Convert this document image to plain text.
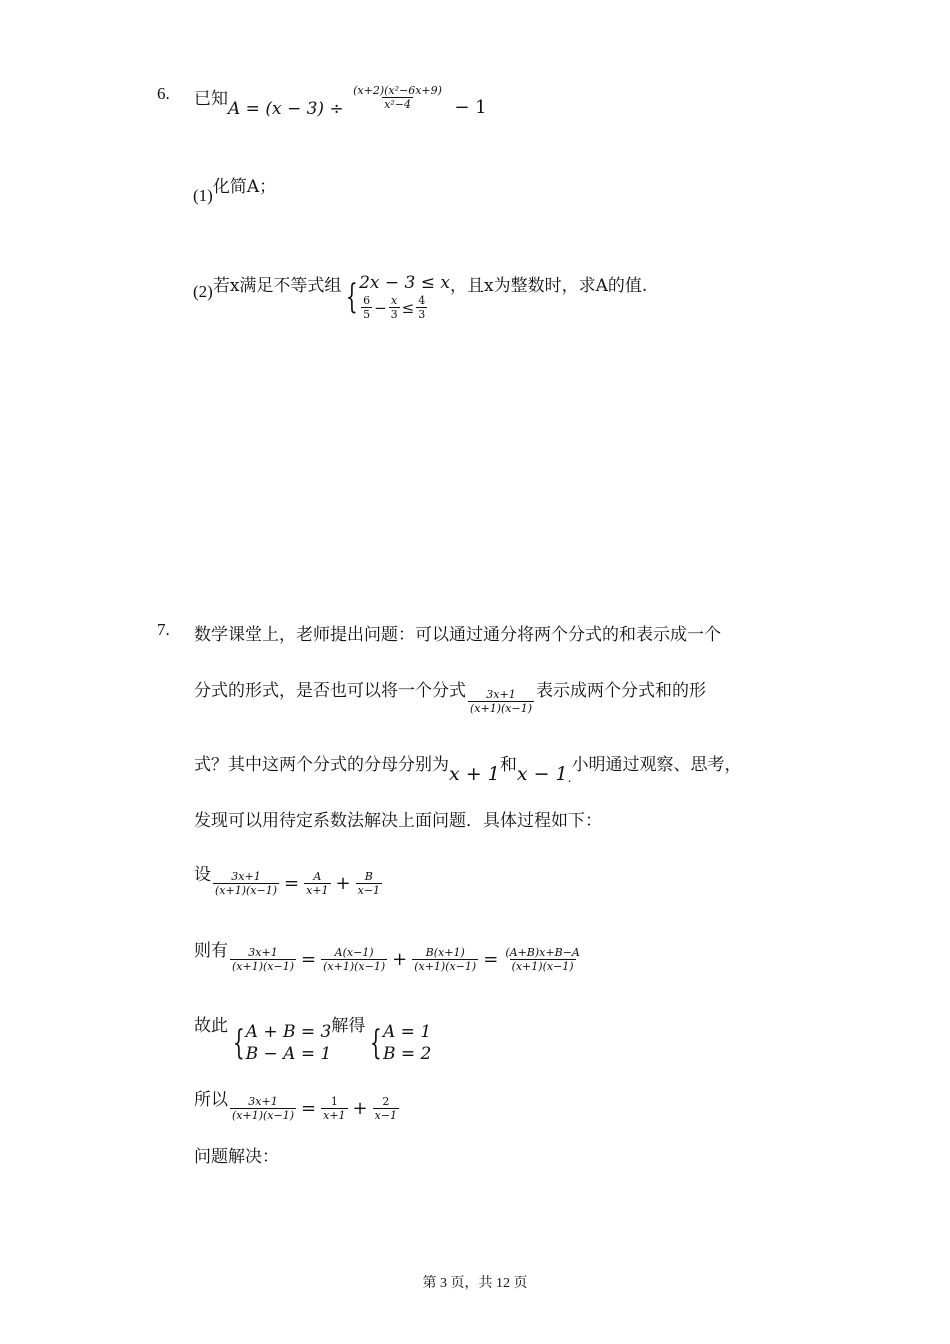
6. 已知$A = (x - 3) \div \frac{\text{(x+2)(x²−6x+9)}}{\text{x²−4}} - 1$
(1)化简A；
(2)若x满足不等式组 { 2x − 3 ≤ x
$\frac{6}{5} - \frac{x}{3} \le \frac{4}{3}$
，且x为整数时，求A的值.
7. 数学课堂上，老师提出问题：可以通过通分将两个分式的和表示成一个
分式的形式，是否也可以将一个分式 $\frac{3x+1}{(x+1)(x-1)}$ 表示成两个分式和的形
式？其中这两个分式的分母分别为x + 1和$x - 1_.$小明通过观察、思考，
发现可以用待定系数法解决上面问题．具体过程如下：
设 $\frac{3x+1}{(x+1)(x-1)} = \frac{A}{x+1} + \frac{B}{x-1}$
则有 $\frac{3x+1}{(x+1)(x-1)} = \frac{A(x-1)}{(x+1)(x-1)} + \frac{B(x+1)}{(x+1)(x-1)} = \frac{(A+B)x+B-A}{(x+1)(x-1)}$
故此 { A + B = 3
B − A = 1
解得 { A = 1
B = 2
所以 $\frac{3x+1}{(x+1)(x-1)} = \frac{1}{x+1} + \frac{2}{x-1}$
问题解决：
第 3 页，共 12 页
